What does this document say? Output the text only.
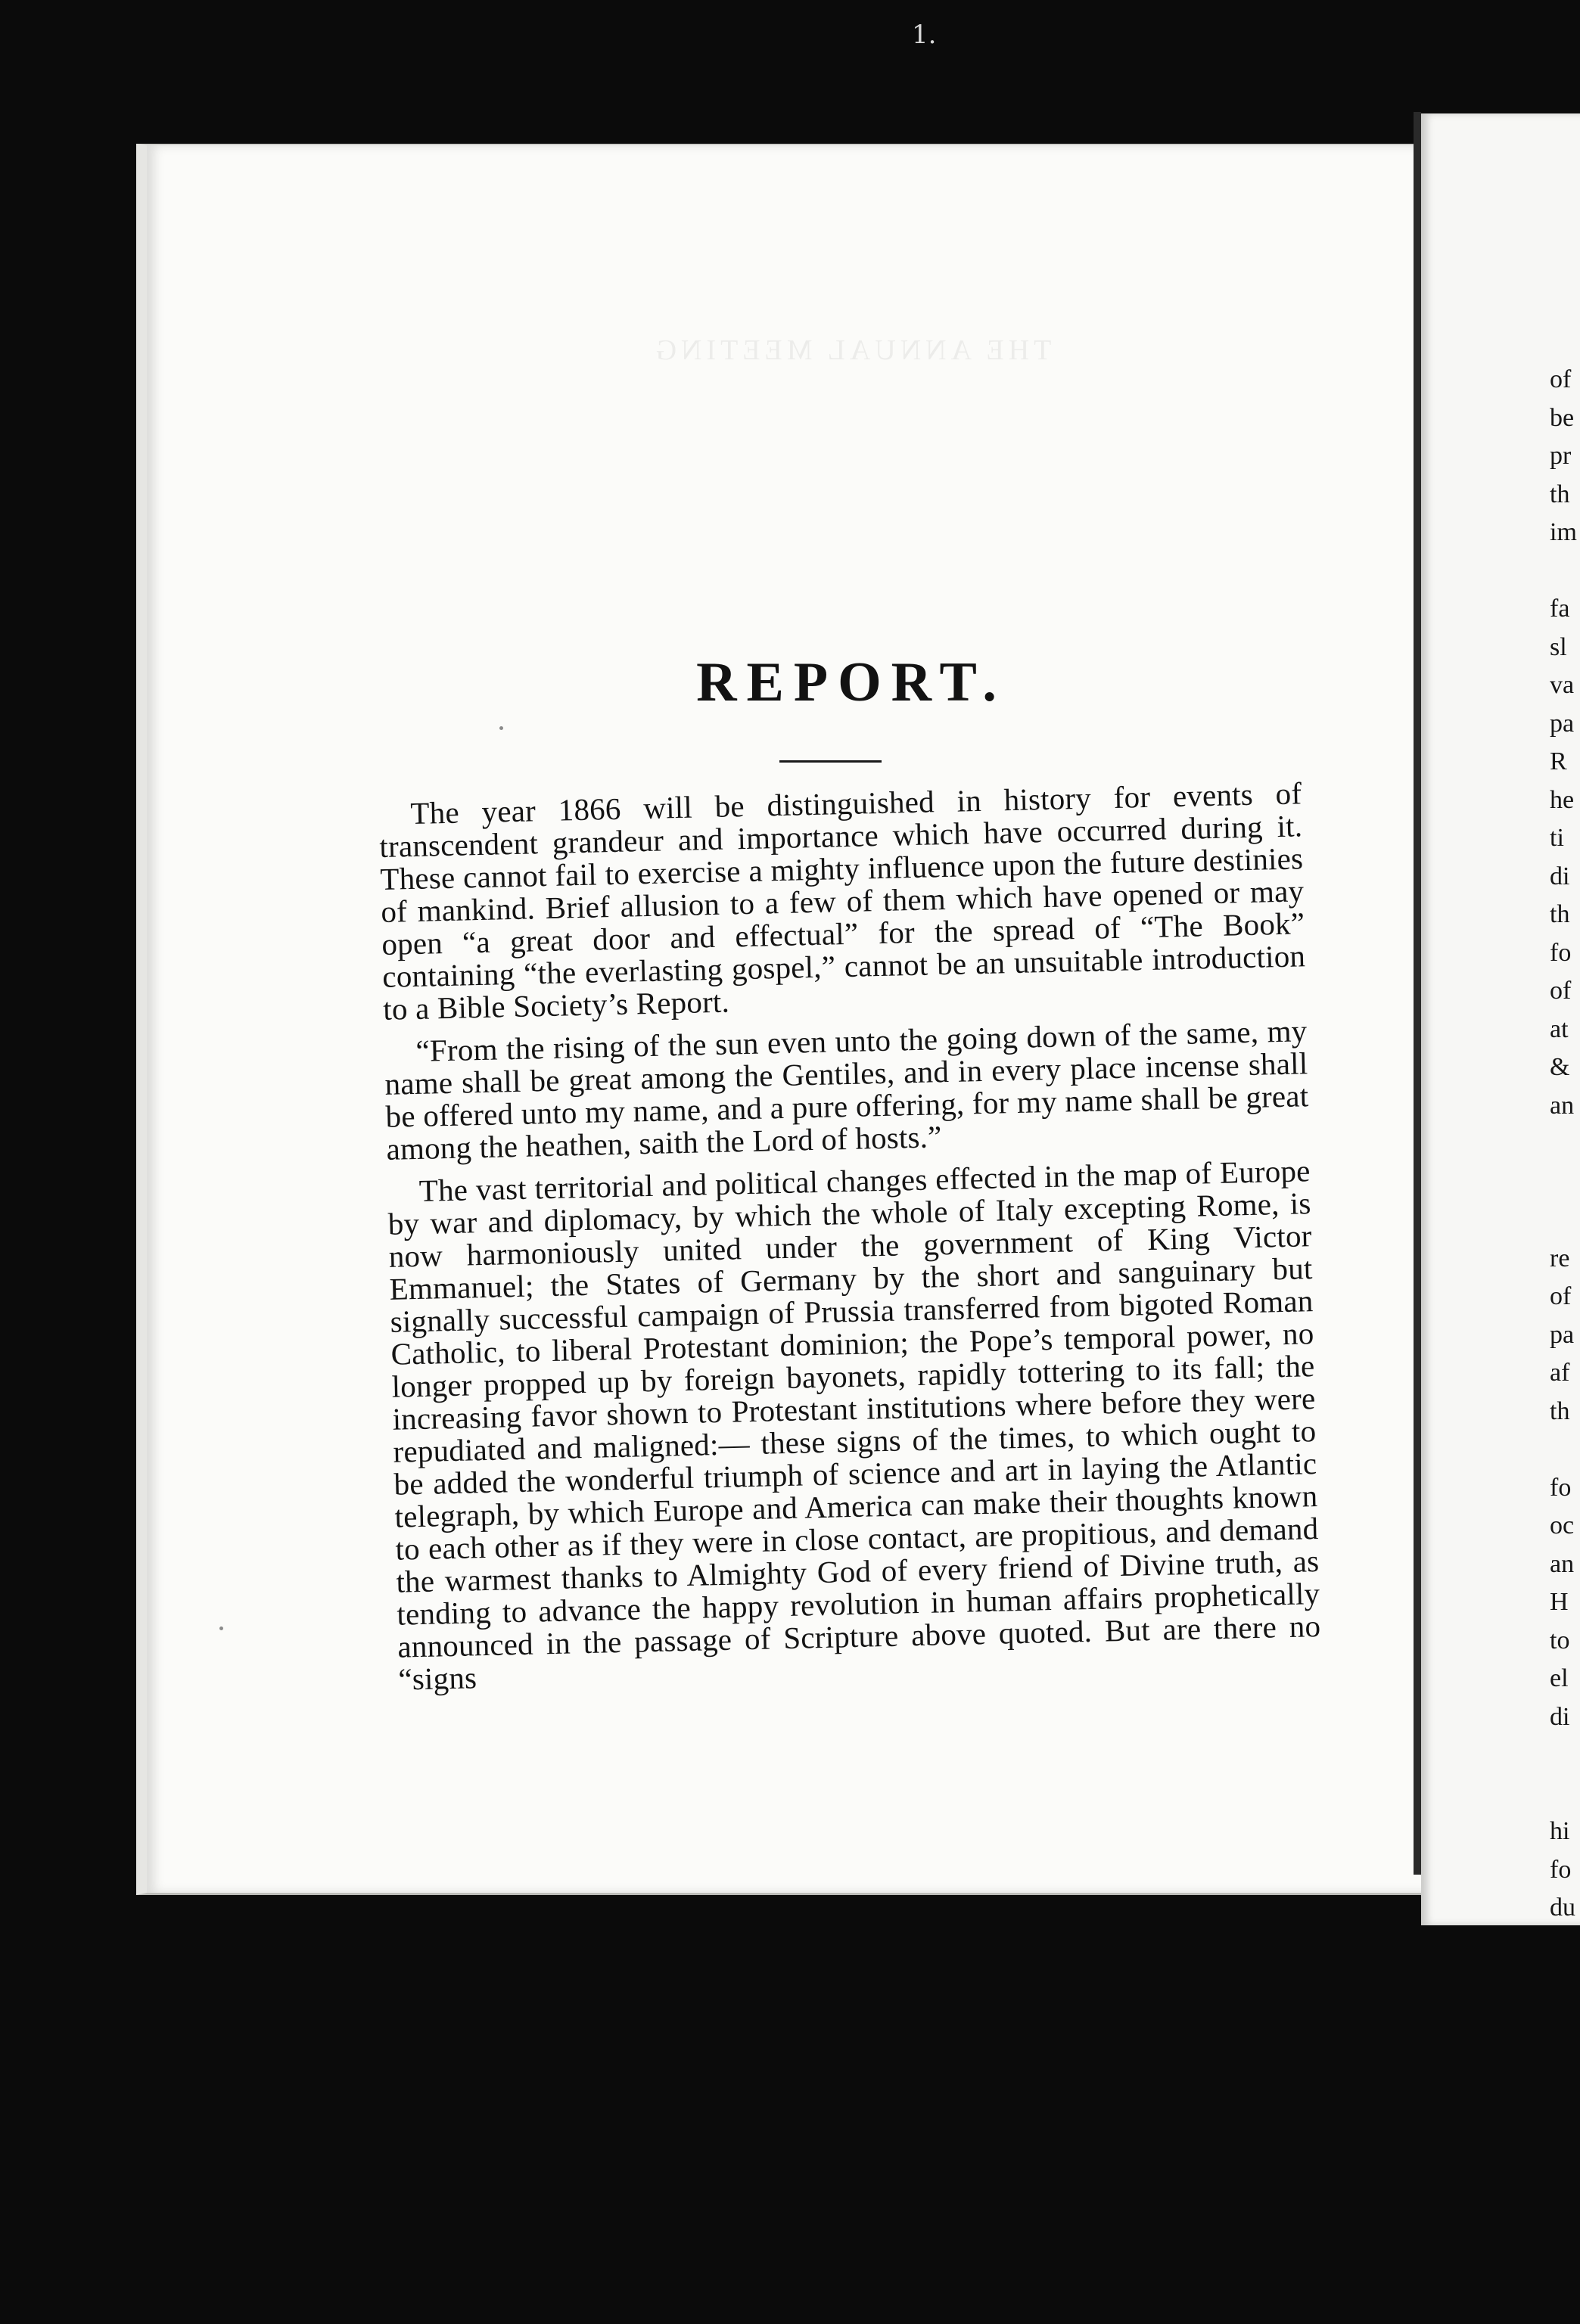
1.
THE ANNUAL MEETING
REPORT.

The year 1866 will be distinguished in history for events of transcendent grandeur and importance which have occurred during it. These cannot fail to exercise a mighty influence upon the future destinies of mankind. Brief allusion to a few of them which have opened or may open “a great door and effectual” for the spread of “The Book” containing “the everlasting gospel,” cannot be an unsuitable introduction to a Bible Society’s Report.

“From the rising of the sun even unto the going down of the same, my name shall be great among the Gentiles, and in every place incense shall be offered unto my name, and a pure offering, for my name shall be great among the heathen, saith the Lord of hosts.”

The vast territorial and political changes effected in the map of Europe by war and diplomacy, by which the whole of Italy excepting Rome, is now harmoniously united under the government of King Victor Emmanuel; the States of Germany by the short and sanguinary but signally successful campaign of Prussia transferred from bigoted Roman Catholic, to liberal Protestant dominion; the Pope’s temporal power, no longer propped up by foreign bayonets, rapidly tottering to its fall; the increasing favor shown to Protestant institutions where before they were repudiated and maligned:— these signs of the times, to which ought to be added the wonderful triumph of science and art in laying the Atlantic telegraph, by which Europe and America can make their thoughts known to each other as if they were in close contact, are propitious, and demand the warmest thanks to Almighty God of every friend of Divine truth, as tending to advance the happy revolution in human affairs prophetically announced in the passage of Scripture above quoted. But are there no “signs

of

be

pr

th

im

fa

sl

va

pa

R

he

ti

di

th

fo

of

at

&

an

re

of

pa

af

th

fo

oc

an

H

to

el

di

hi

fo

du
